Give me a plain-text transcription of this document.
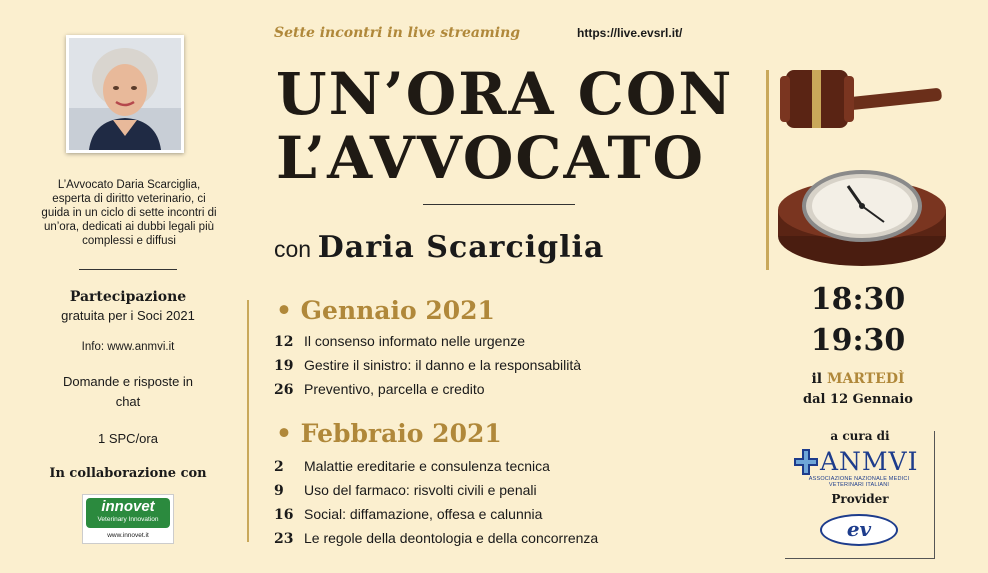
L’Avvocato Daria Scarciglia, esperta di diritto veterinario, ci guida in un ciclo di sette incontri di un’ora, dedicati ai dubbi legali più complessi e diffusi
Partecipazione
gratuita per i Soci 2021
Info: www.anmvi.it
Domande e risposte in chat
1 SPC/ora
In collaborazione con
innovet
Veterinary Innovation
www.innovet.it
Sette incontri in live streaming	https://live.evsrl.it/
UN’ORA CON
L’AVVOCATO
con Daria Scarciglia
• Gennaio 2021
12 Il consenso informato nelle urgenze
19 Gestire il sinistro: il danno e la responsabilità
26 Preventivo, parcella e credito
• Febbraio 2021
2 Malattie ereditarie e consulenza tecnica
9 Uso del farmaco: risvolti civili e penali
16 Social: diffamazione, offesa e calunnia
23 Le regole della deontologia e della concorrenza
18:30
19:30
il MARTEDÌ
dal 12 Gennaio
a cura di
ANMVI
ASSOCIAZIONE NAZIONALE MEDICI VETERINARI ITALIANI
Provider
ev
